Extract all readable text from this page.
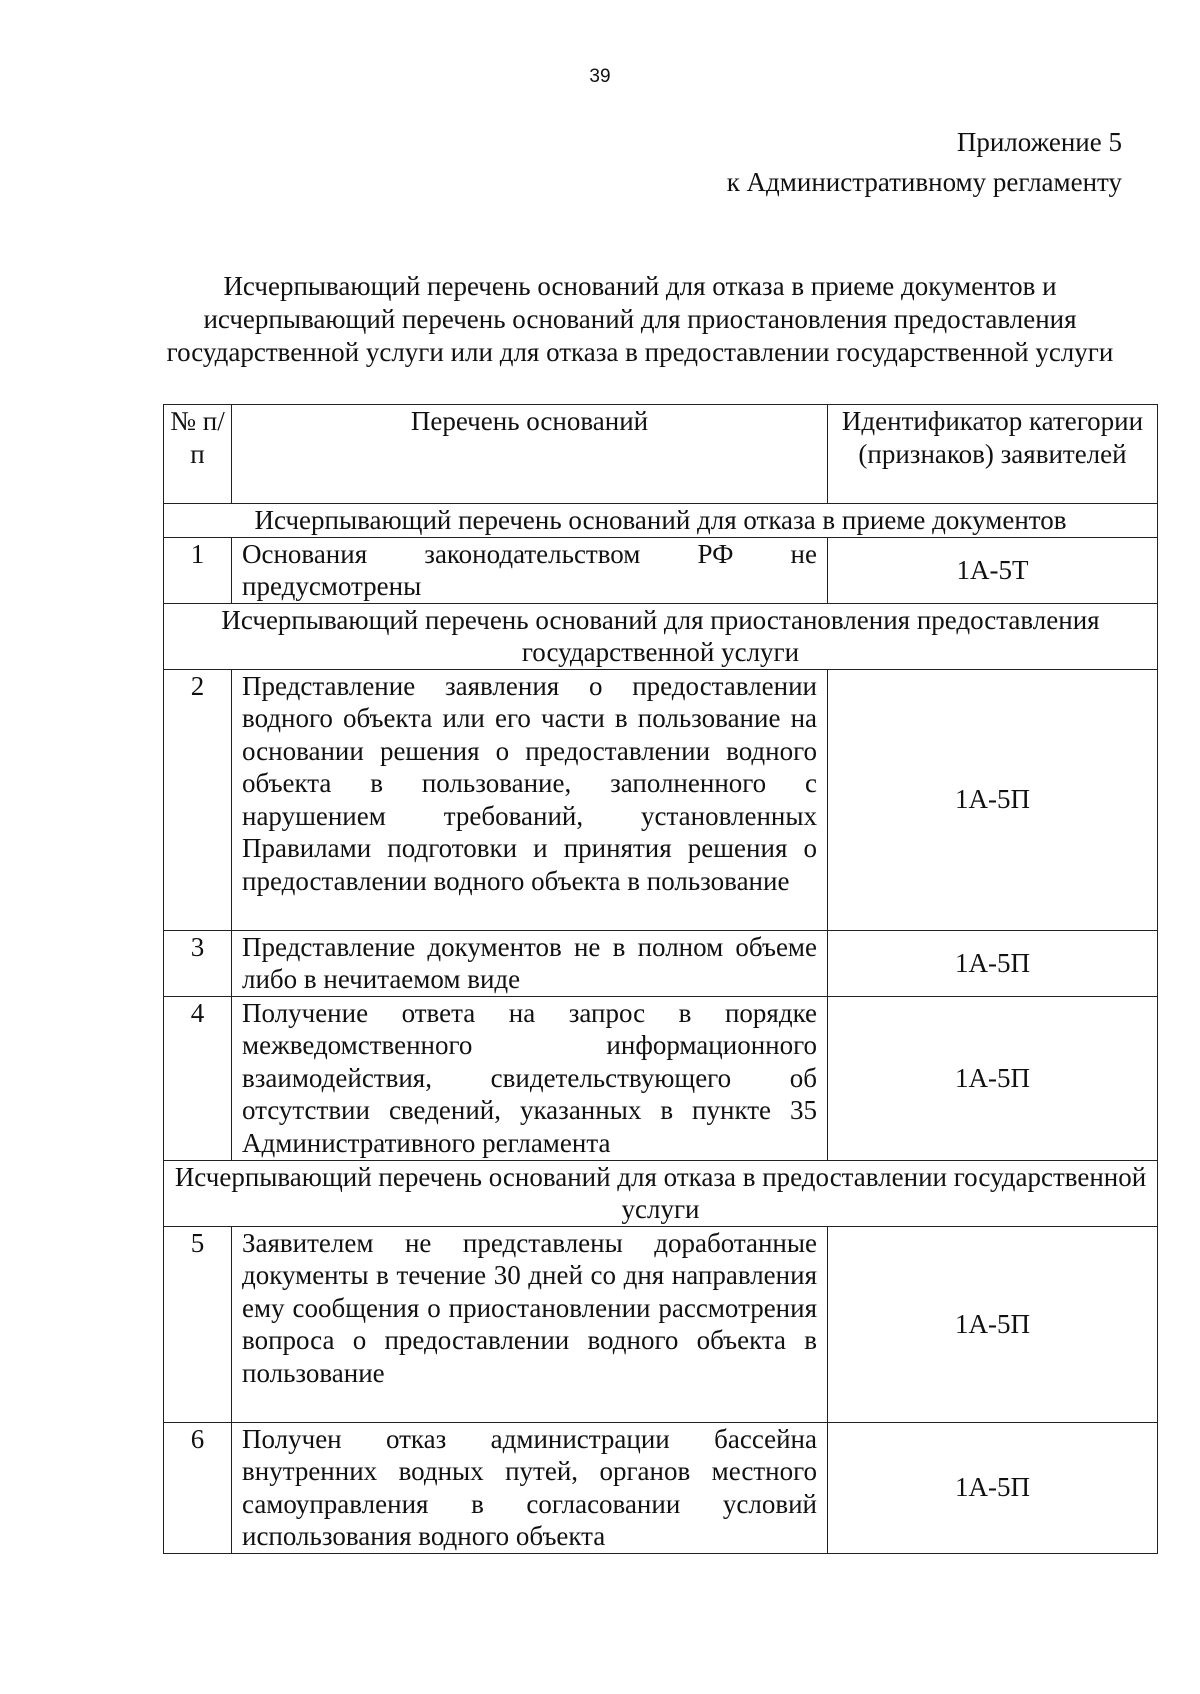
39
Приложение 5
к Административному регламенту
Исчерпывающий перечень оснований для отказа в приеме документов и исчерпывающий перечень оснований для приостановления предоставления государственной услуги или для отказа в предоставлении государственной услуги
№ п/п	Перечень оснований	Идентификатор категории (признаков) заявителей
Исчерпывающий перечень оснований для отказа в приеме документов		
1	Основания законодательством РФ не предусмотрены	1А-5Т
Исчерпывающий перечень оснований для приостановления предоставления государственной услуги		
2	Представление заявления о предоставлении водного объекта или его части в пользование на основании решения о предоставлении водного объекта в пользование, заполненного с нарушением требований, установленных Правилами подготовки и принятия решения о предоставлении водного объекта в пользование	1А-5П
3	Представление документов не в полном объеме либо в нечитаемом виде	1А-5П
4	Получение ответа на запрос в порядке межведомственного информационного взаимодействия, свидетельствующего об отсутствии сведений, указанных в пункте 35 Административного регламента	1А-5П
Исчерпывающий перечень оснований для отказа в предоставлении государственной услуги		
5	Заявителем не представлены доработанные документы в течение 30 дней со дня направления ему сообщения о приостановлении рассмотрения вопроса о предоставлении водного объекта в пользование	1А-5П
6	Получен отказ администрации бассейна внутренних водных путей, органов местного самоуправления в согласовании условий использования водного объекта	1А-5П
